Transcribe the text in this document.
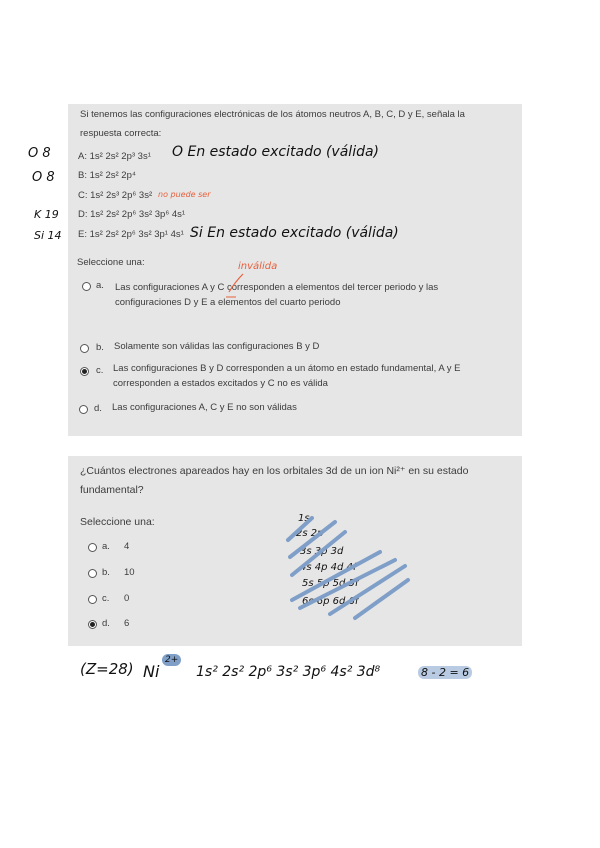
Si tenemos las configuraciones electrónicas de los átomos neutros A, B, C, D y E, señala la
respuesta correcta:
A: 1s² 2s² 2p³ 3s¹
B: 1s² 2s² 2p⁴
C: 1s² 2s³ 2p⁶ 3s²
D: 1s² 2s² 2p⁶ 3s² 3p⁶ 4s¹
E: 1s² 2s² 2p⁶ 3s² 3p¹ 4s¹
O En estado excitado (válida)
no puede ser
Si En estado excitado (válida)
O 8
O 8
K 19
Si 14
Seleccione una:
a. Las configuraciones A y C corresponden a elementos del tercer periodo y las
configuraciones D y E a elementos del cuarto periodo
inválida
b. Solamente son válidas las configuraciones B y D
c. Las configuraciones B y D corresponden a un átomo en estado fundamental, A y E
corresponden a estados excitados y C no es válida
d. Las configuraciones A, C y E no son válidas
¿Cuántos electrones apareados hay en los orbitales 3d de un ion Ni²⁺ en su estado
fundamental?
Seleccione una:
a. 4
b. 10
c. 0
d. 6
1s
2s 2p
3s 3p 3d
4s 4p 4d 4f
5s 5p 5d 5f
6s 6p 6d 6f
(Z=28) Ni
2+
1s² 2s² 2p⁶ 3s² 3p⁶ 4s² 3d⁸	8 - 2 = 6
